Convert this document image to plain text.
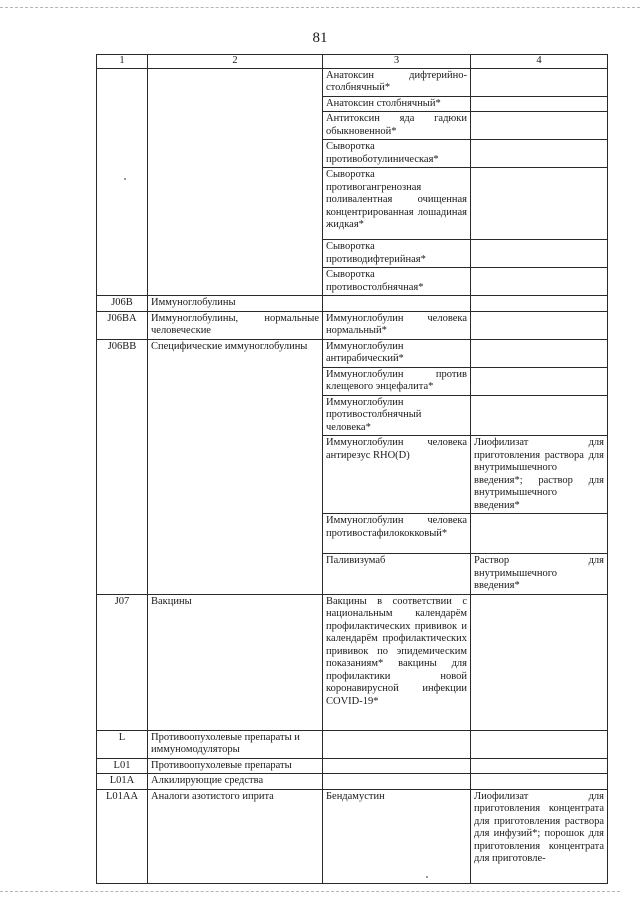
81
1	2	3	4
		Анатоксин дифтерийно-столбнячный*	
		Анатоксин столбнячный*	
		Антитоксин яда гадюки обыкновенной*	
		Сыворотка противоботулиническая*	
		Сыворотка противогангренозная поливалентная очищенная концентрированная лошадиная жидкая*	
		Сыворотка противодифтерийная*	
		Сыворотка противостолбнячная*	
J06B	Иммуноглобулины		
J06BA	Иммуноглобулины, нормальные человеческие	Иммуноглобулин человека нормальный*	
J06BB	Специфические иммуноглобулины	Иммуноглобулин антирабический*	
		Иммуноглобулин против клещевого энцефалита*	
		Иммуноглобулин противостолбнячный человека*	
		Иммуноглобулин человека антирезус RHO(D)	Лиофилизат для приготовления раствора для внутримышечного введения*; раствор для внутримышечного введения*
		Иммуноглобулин человека противостафилококковый*	
		Паливизумаб	Раствор для внутримышечного введения*
J07	Вакцины	Вакцины в соответствии с национальным календарём профилактических прививок и календарём профилактических прививок по эпидемическим показаниям* вакцины для профилактики новой коронавирусной инфекции COVID-19*	
L	Противоопухолевые препараты и иммуномодуляторы		
L01	Противоопухолевые препараты		
L01A	Алкилирующие средства		
L01AA	Аналоги азотистого иприта	Бендамустин	Лиофилизат для приготовления концентрата для приготовления раствора для инфузий*; порошок для приготовления концентрата для приготовле-
